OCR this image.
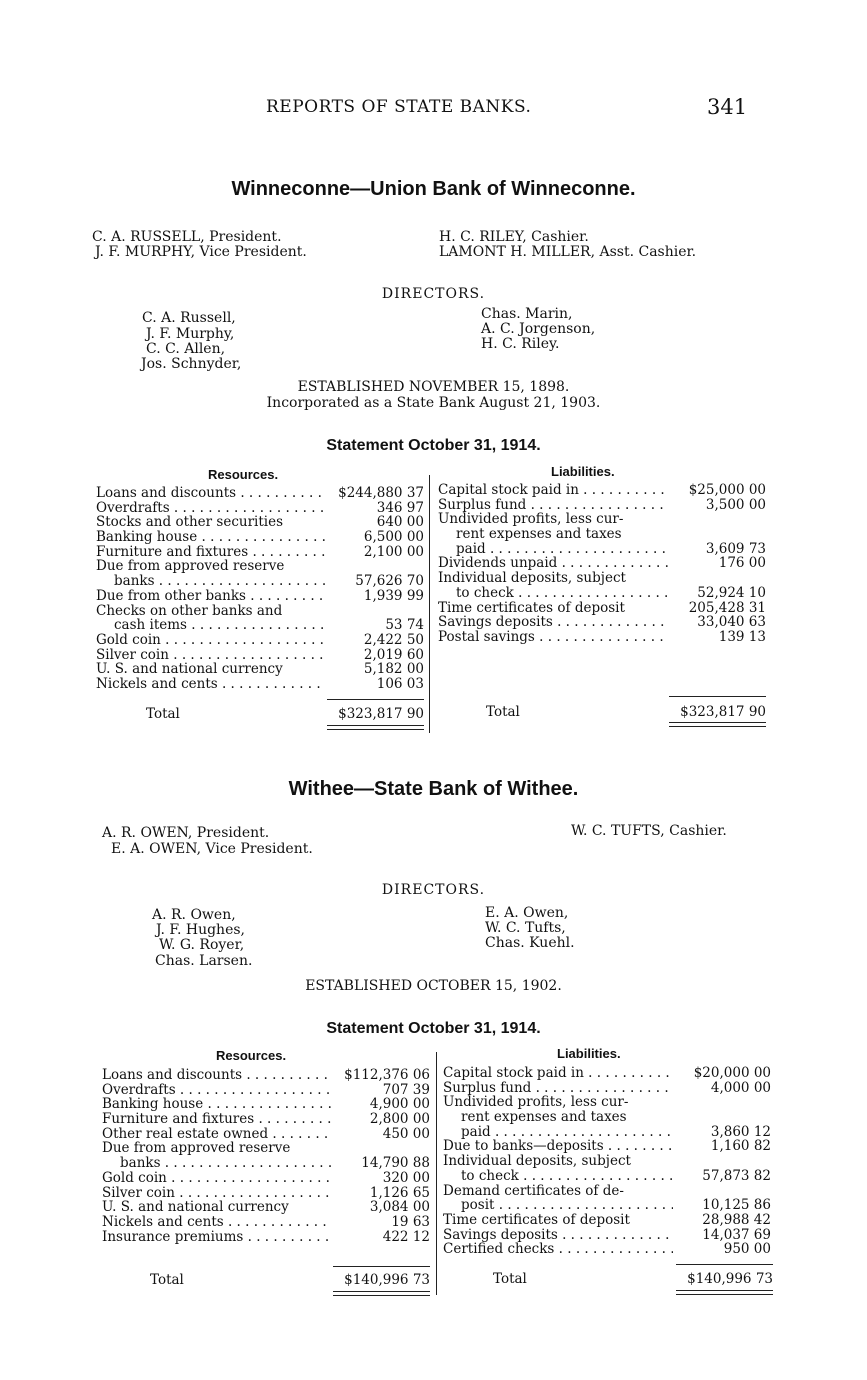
REPORTS OF STATE BANKS.	341
Winneconne—Union Bank of Winneconne.
C. A. RUSSELL, President.
J. F. MURPHY, Vice President.
H. C. RILEY, Cashier.
LAMONT H. MILLER, Asst. Cashier.
DIRECTORS.
C. A. Russell,
J. F. Murphy,
C. C. Allen,
Jos. Schnyder,
Chas. Marin,
A. C. Jorgenson,
H. C. Riley.
ESTABLISHED NOVEMBER 15, 1898.
Incorporated as a State Bank August 21, 1903.
Statement October 31, 1914.
Resources.	Liabilities.
Loans and discounts . . .	$244,880 37
Overdrafts . . .	346 97
Stocks and other securities	640 00
Banking house . . .	6,500 00
Furniture and fixtures . . .	2,100 00
Due from approved reserve
banks . . .	57,626 70
Due from other banks . . .	1,939 99
Checks on other banks and
cash items . . .	53 74
Gold coin . . .	2,422 50
Silver coin . . .	2,019 60
U. S. and national currency	5,182 00
Nickels and cents . . .	106 03
Capital stock paid in . . .	$25,000 00
Surplus fund . . .	3,500 00
Undivided profits, less cur-
rent expenses and taxes
paid . . .	3,609 73
Dividends unpaid . . .	176 00
Individual deposits, subject
to check . . .	52,924 10
Time certificates of deposit	205,428 31
Savings deposits . . .	33,040 63
Postal savings . . .	139 13
Total	$323,817 90	Total	$323,817 90
Withee—State Bank of Withee.
A. R. OWEN, President.
E. A. OWEN, Vice President.
W. C. TUFTS, Cashier.
DIRECTORS.
A. R. Owen,
J. F. Hughes,
W. G. Royer,
Chas. Larsen.
E. A. Owen,
W. C. Tufts,
Chas. Kuehl.
ESTABLISHED OCTOBER 15, 1902.
Statement October 31, 1914.
Resources.	Liabilities.
Loans and discounts . . .	$112,376 06
Overdrafts . . .	707 39
Banking house . . .	4,900 00
Furniture and fixtures . . .	2,800 00
Other real estate owned . . .	450 00
Due from approved reserve
banks . . .	14,790 88
Gold coin . . .	320 00
Silver coin . . .	1,126 65
U. S. and national currency	3,084 00
Nickels and cents . . .	19 63
Insurance premiums . . .	422 12
Capital stock paid in . . .	$20,000 00
Surplus fund . . .	4,000 00
Undivided profits, less cur-
rent expenses and taxes
paid . . .	3,860 12
Due to banks—deposits . . .	1,160 82
Individual deposits, subject
to check . . .	57,873 82
Demand certificates of de-
posit . . .	10,125 86
Time certificates of deposit	28,988 42
Savings deposits . . .	14,037 69
Certified checks . . .	950 00
Total	$140,996 73	Total	$140,996 73
